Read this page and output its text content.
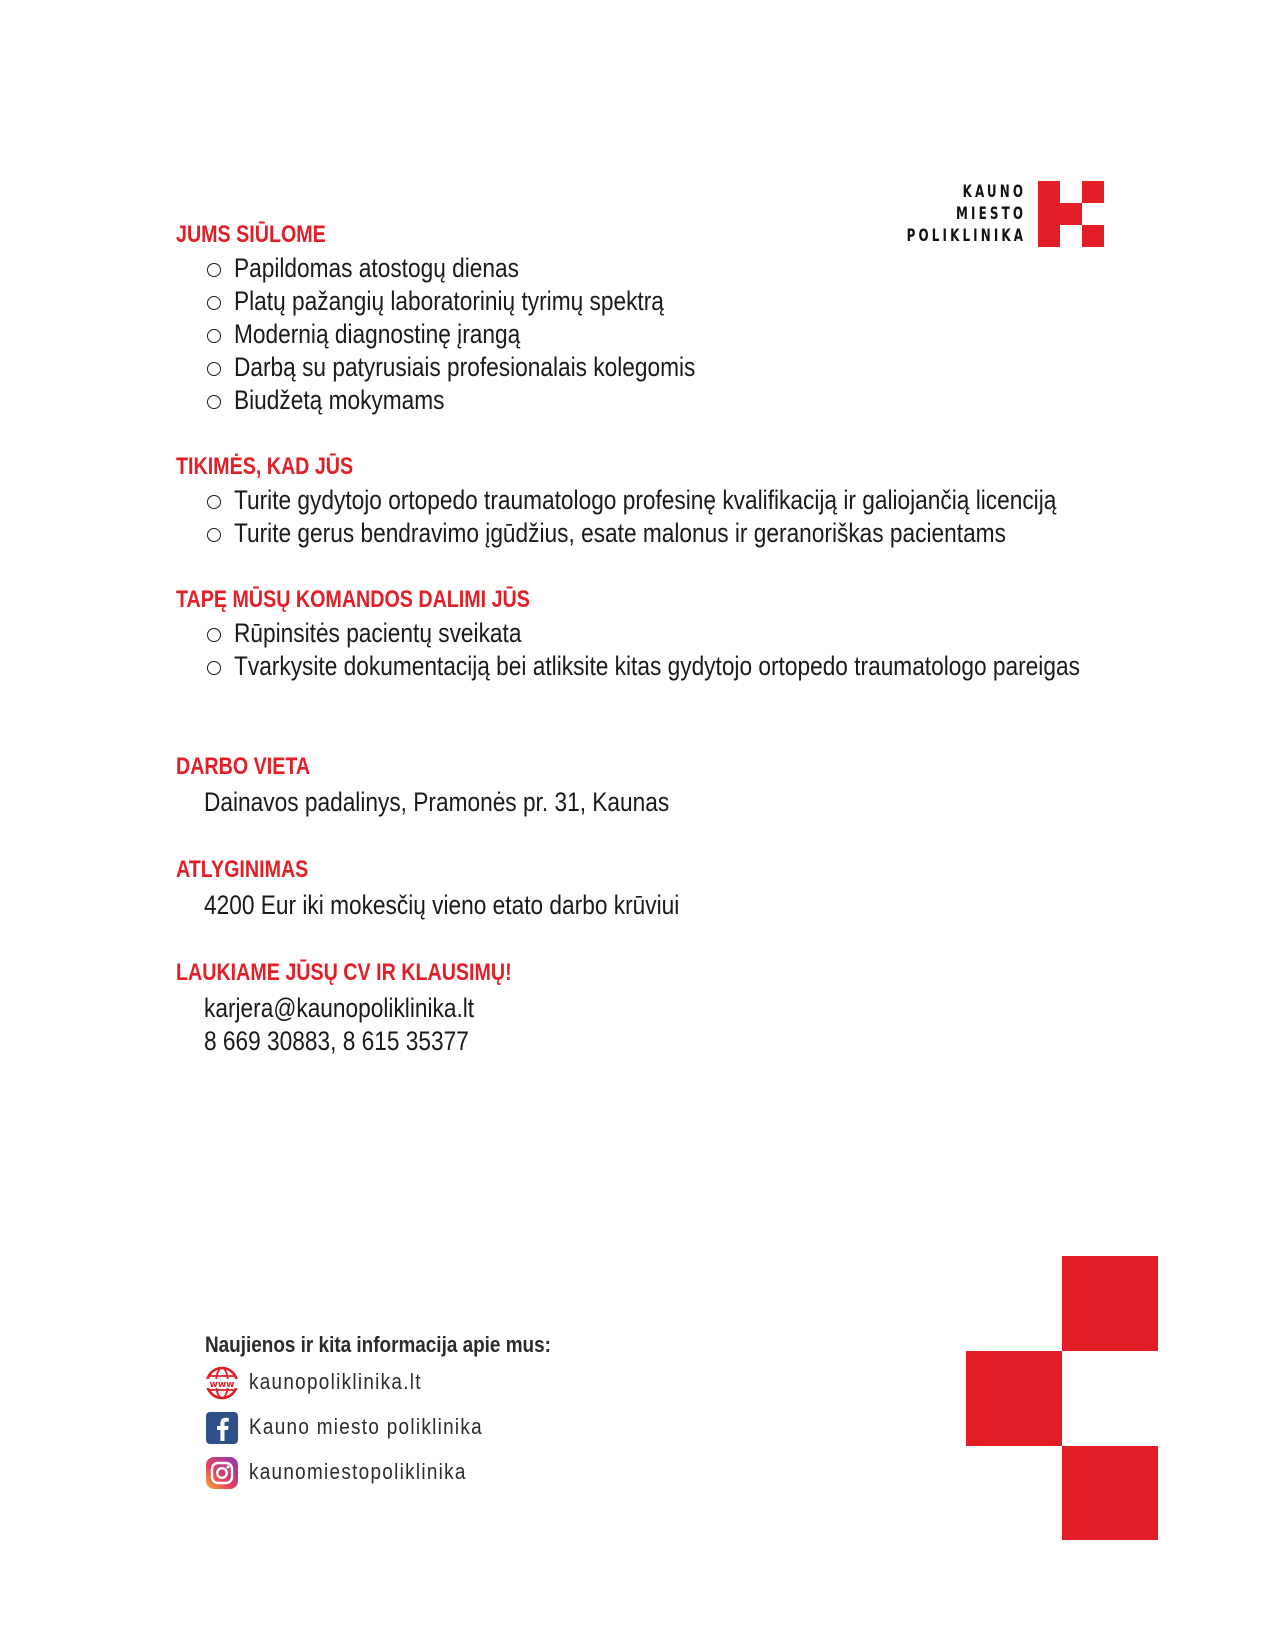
KAUNO
MIESTO
POLIKLINIKA
JUMS SIŪLOME
Papildomas atostogų dienas
Platų pažangių laboratorinių tyrimų spektrą
Modernią diagnostinę įrangą
Darbą su patyrusiais profesionalais kolegomis
Biudžetą mokymams
TIKIMĖS, KAD JŪS
Turite gydytojo ortopedo traumatologo profesinę kvalifikaciją ir galiojančią licenciją
Turite gerus bendravimo įgūdžius, esate malonus ir geranoriškas pacientams
TAPĘ MŪSŲ KOMANDOS DALIMI JŪS
Rūpinsitės pacientų sveikata
Tvarkysite dokumentaciją bei atliksite kitas gydytojo ortopedo traumatologo pareigas
DARBO VIETA
Dainavos padalinys, Pramonės pr. 31, Kaunas
ATLYGINIMAS
4200 Eur iki mokesčių vieno etato darbo krūviui
LAUKIAME JŪSŲ CV IR KLAUSIMŲ!
karjera@kaunopoliklinika.lt
8 669 30883, 8 615 35377
Naujienos ir kita informacija apie mus:
www kaunopoliklinika.lt
Kauno miesto poliklinika
kaunomiestopoliklinika
